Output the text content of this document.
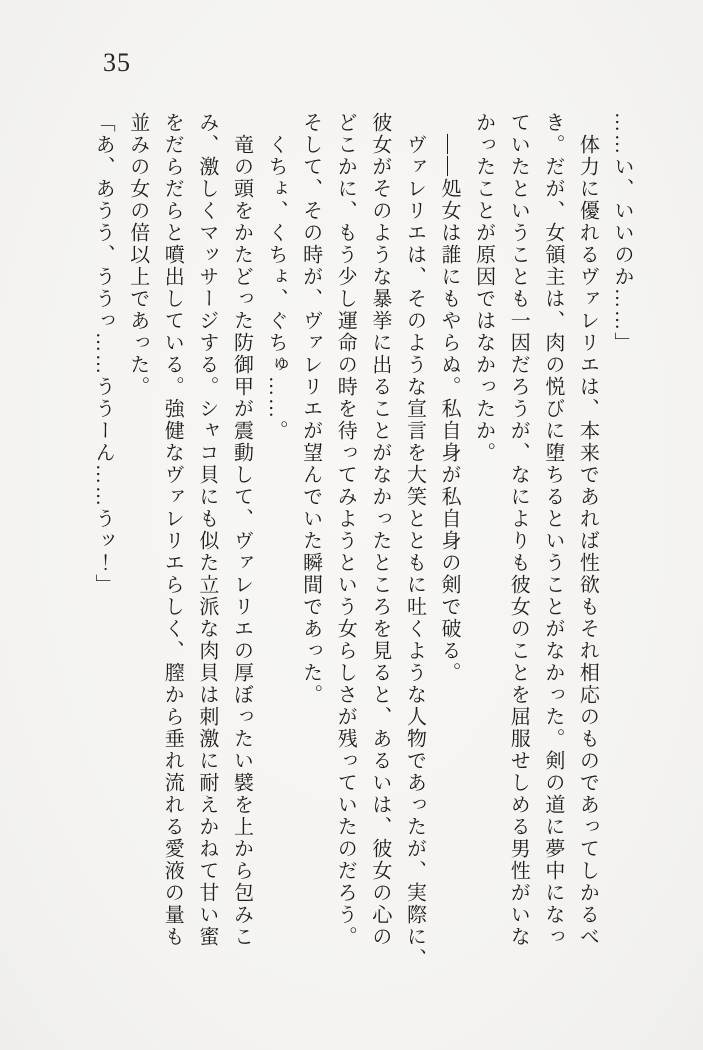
35

……い、いいのか……」

　体力に優れるヴァレリエは、本来であれば性欲もそれ相応のものであってしかるべ

き。だが、女領主は、肉の悦びに堕ちるということがなかった。剣の道に夢中になっ

ていたということも一因だろうが、なによりも彼女のことを屈服せしめる男性がいな

かったことが原因ではなかったか。

　――処女は誰にもやらぬ。私自身が私自身の剣で破る。

　ヴァレリエは、そのような宣言を大笑とともに吐くような人物であったが、実際に、

彼女がそのような暴挙に出ることがなかったところを見ると、あるいは、彼女の心の

どこかに、もう少し運命の時を待ってみようという女らしさが残っていたのだろう。

そして、その時が、ヴァレリエが望んでいた瞬間であった。

　くちょ、くちょ、ぐちゅ……。

　竜の頭をかたどった防御甲が震動して、ヴァレリエの厚ぼったい襞を上から包みこ

み、激しくマッサージする。シャコ貝にも似た立派な肉貝は刺激に耐えかねて甘い蜜

をだらだらと噴出している。強健なヴァレリエらしく、膣から垂れ流れる愛液の量も

並みの女の倍以上であった。

「あ、あうう、ううっ……ううーん……うッ！」
